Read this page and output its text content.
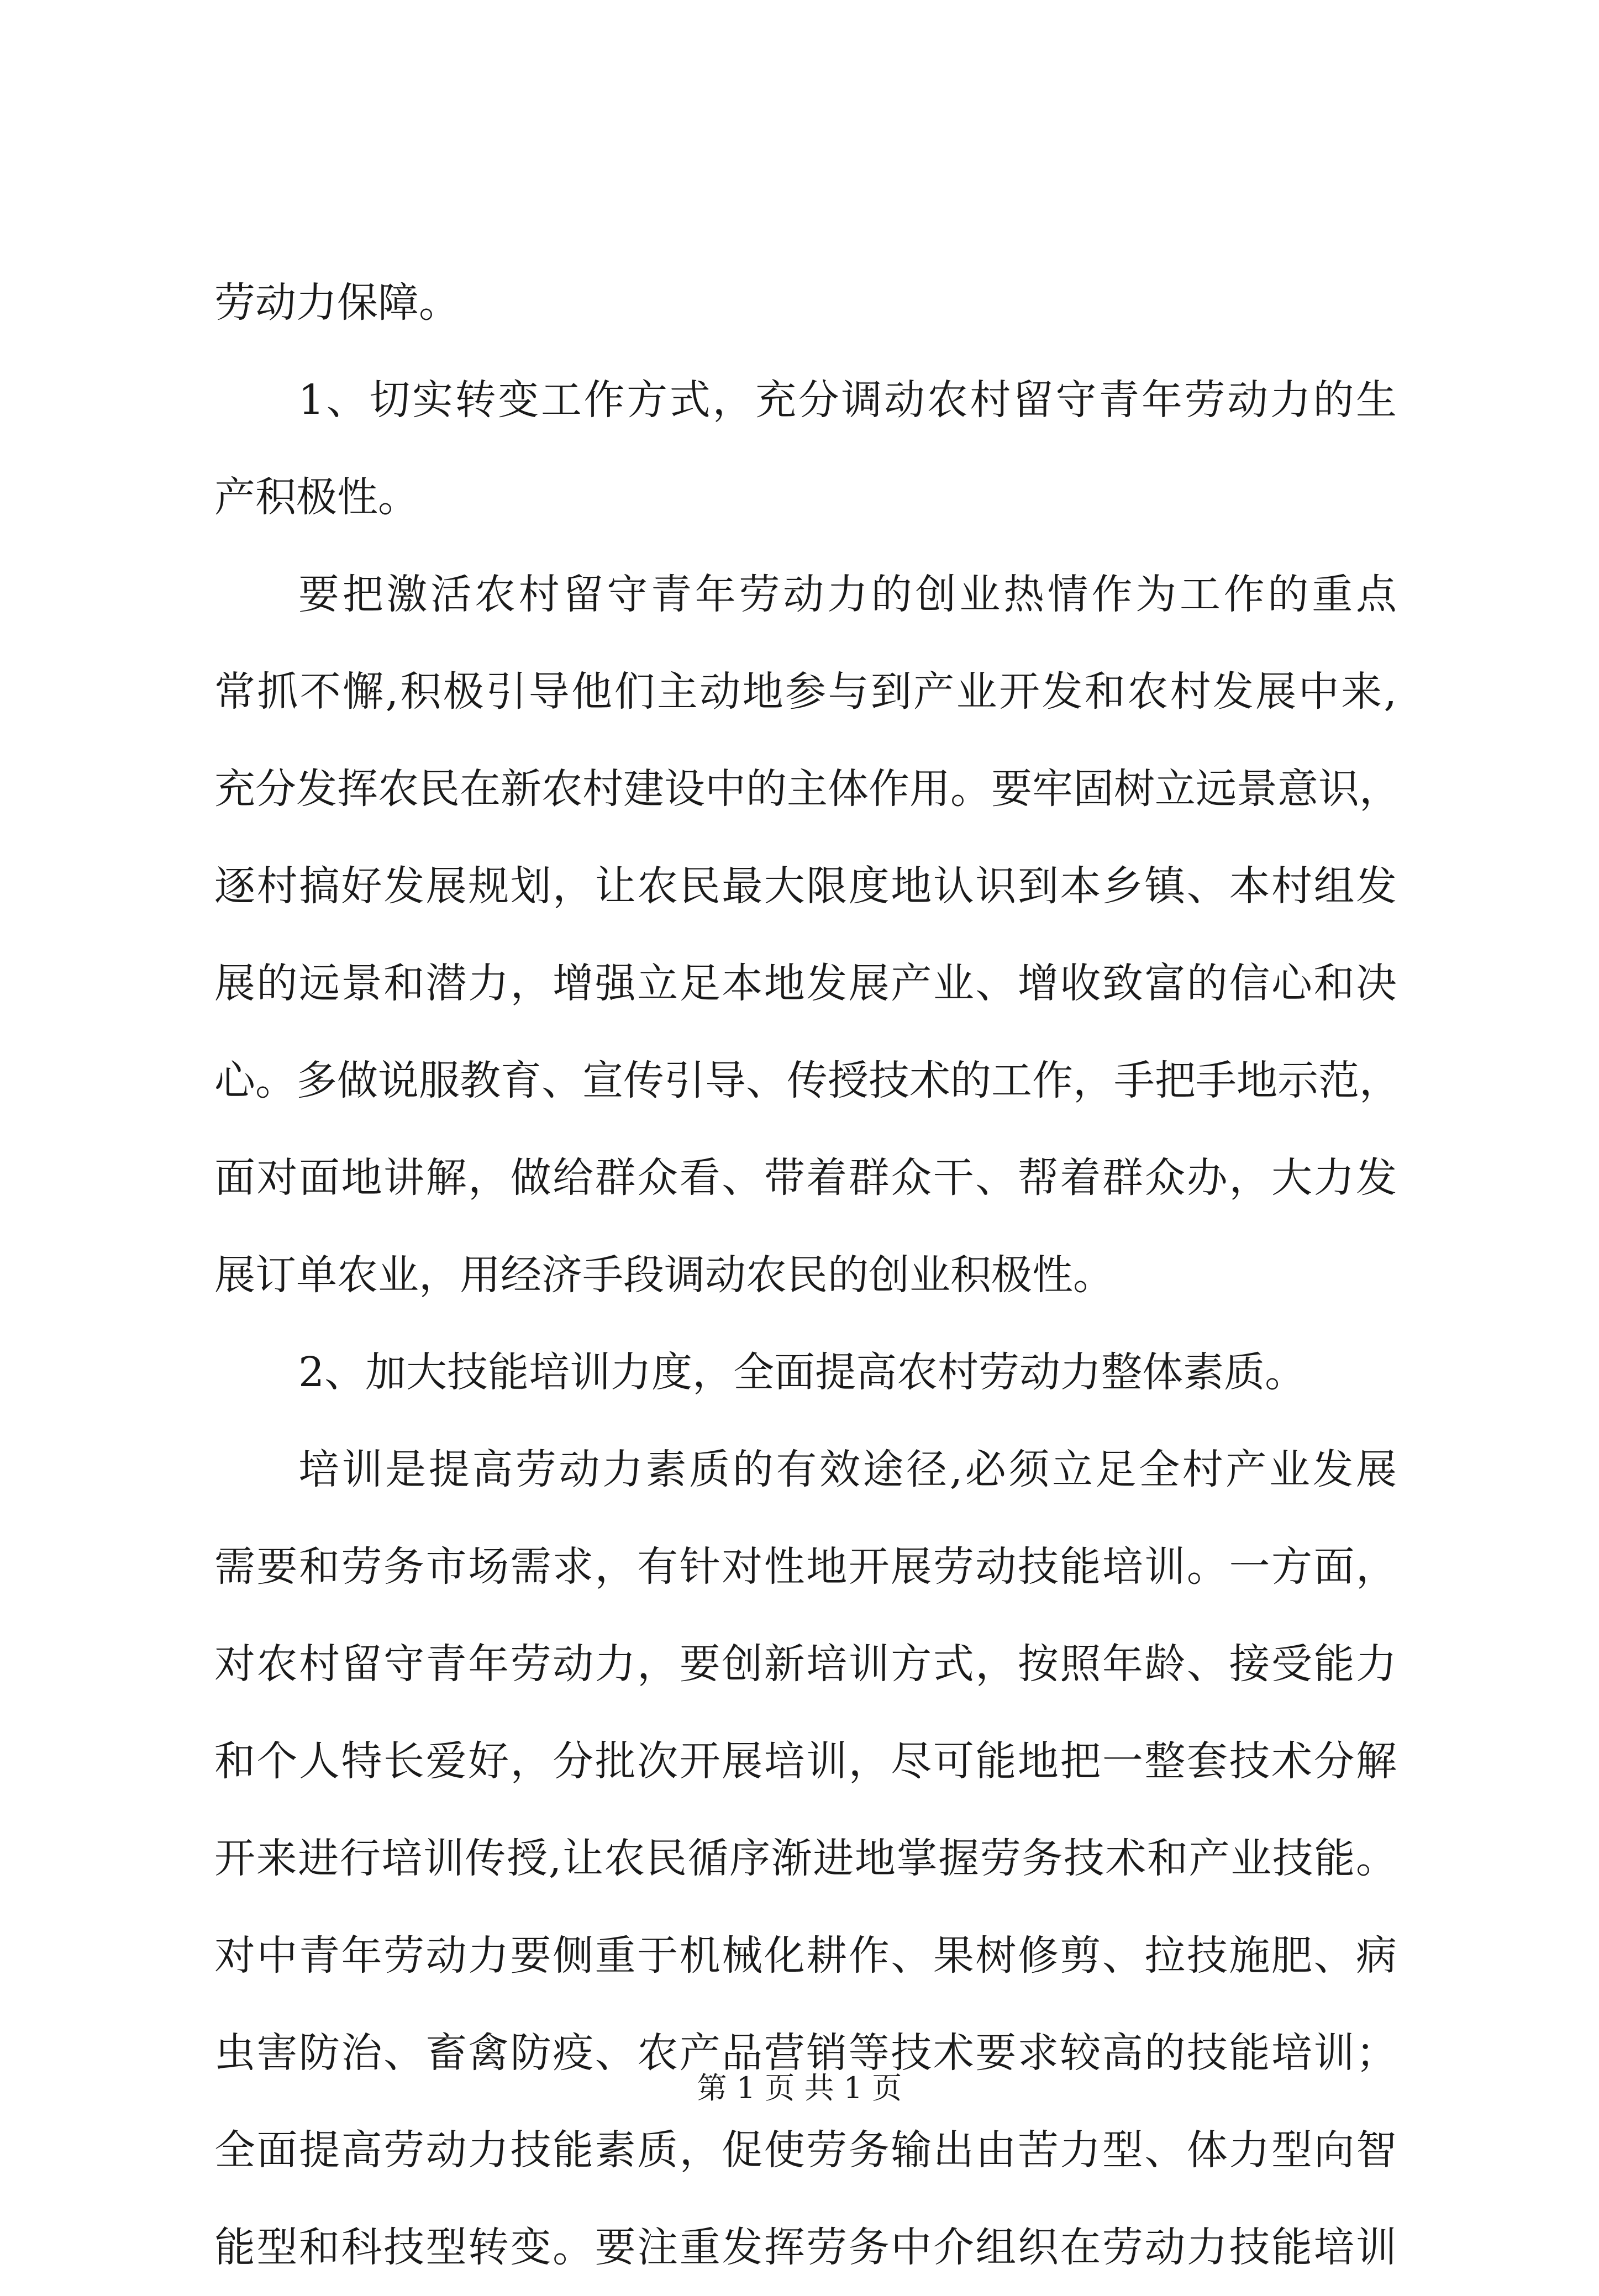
劳动力保障。
1、切实转变工作方式，充分调动农村留守青年劳动力的生
产积极性。
要把激活农村留守青年劳动力的创业热情作为工作的重点
常抓不懈,积极引导他们主动地参与到产业开发和农村发展中来,
充分发挥农民在新农村建设中的主体作用。要牢固树立远景意识，
逐村搞好发展规划，让农民最大限度地认识到本乡镇、本村组发
展的远景和潜力，增强立足本地发展产业、增收致富的信心和决
心。多做说服教育、宣传引导、传授技术的工作，手把手地示范，
面对面地讲解，做给群众看、带着群众干、帮着群众办，大力发
展订单农业，用经济手段调动农民的创业积极性。
2、加大技能培训力度，全面提高农村劳动力整体素质。
培训是提高劳动力素质的有效途径,必须立足全村产业发展
需要和劳务市场需求，有针对性地开展劳动技能培训。一方面，
对农村留守青年劳动力，要创新培训方式，按照年龄、接受能力
和个人特长爱好，分批次开展培训，尽可能地把一整套技术分解
开来进行培训传授,让农民循序渐进地掌握劳务技术和产业技能。
对中青年劳动力要侧重于机械化耕作、果树修剪、拉技施肥、病
虫害防治、畜禽防疫、农产品营销等技术要求较高的技能培训；
全面提高劳动力技能素质，促使劳务输出由苦力型、体力型向智
能型和科技型转变。要注重发挥劳务中介组织在劳动力技能培训
第 1 页 共 1 页
